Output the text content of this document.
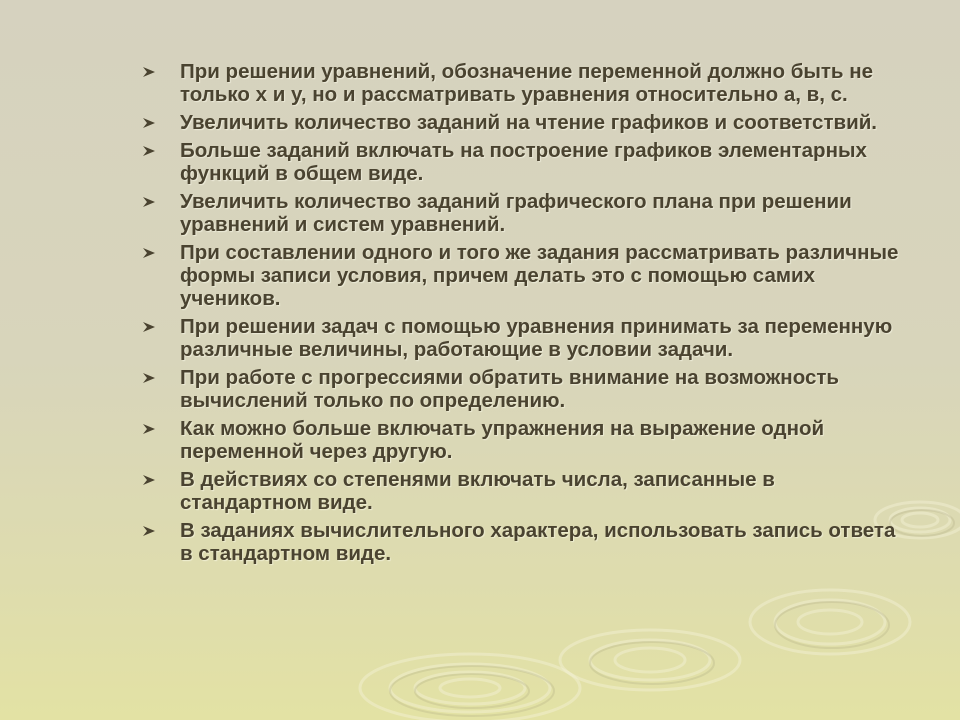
При решении уравнений, обозначение переменной должно быть не только х и у, но и рассматривать уравнения относительно а, в, с.
Увеличить количество заданий на чтение графиков и соответствий.
Больше заданий включать на построение графиков элементарных функций в общем виде.
Увеличить количество заданий графического плана при решении уравнений и систем уравнений.
При составлении одного и того же задания рассматривать различные формы записи условия, причем делать это с помощью самих учеников.
При решении задач с помощью уравнения принимать за переменную различные величины, работающие в условии задачи.
При работе с прогрессиями обратить внимание на возможность вычислений только по определению.
Как можно больше включать упражнения на выражение одной переменной через другую.
В действиях со степенями включать числа, записанные в стандартном виде.
В заданиях вычислительного характера, использовать запись ответа в стандартном виде.
